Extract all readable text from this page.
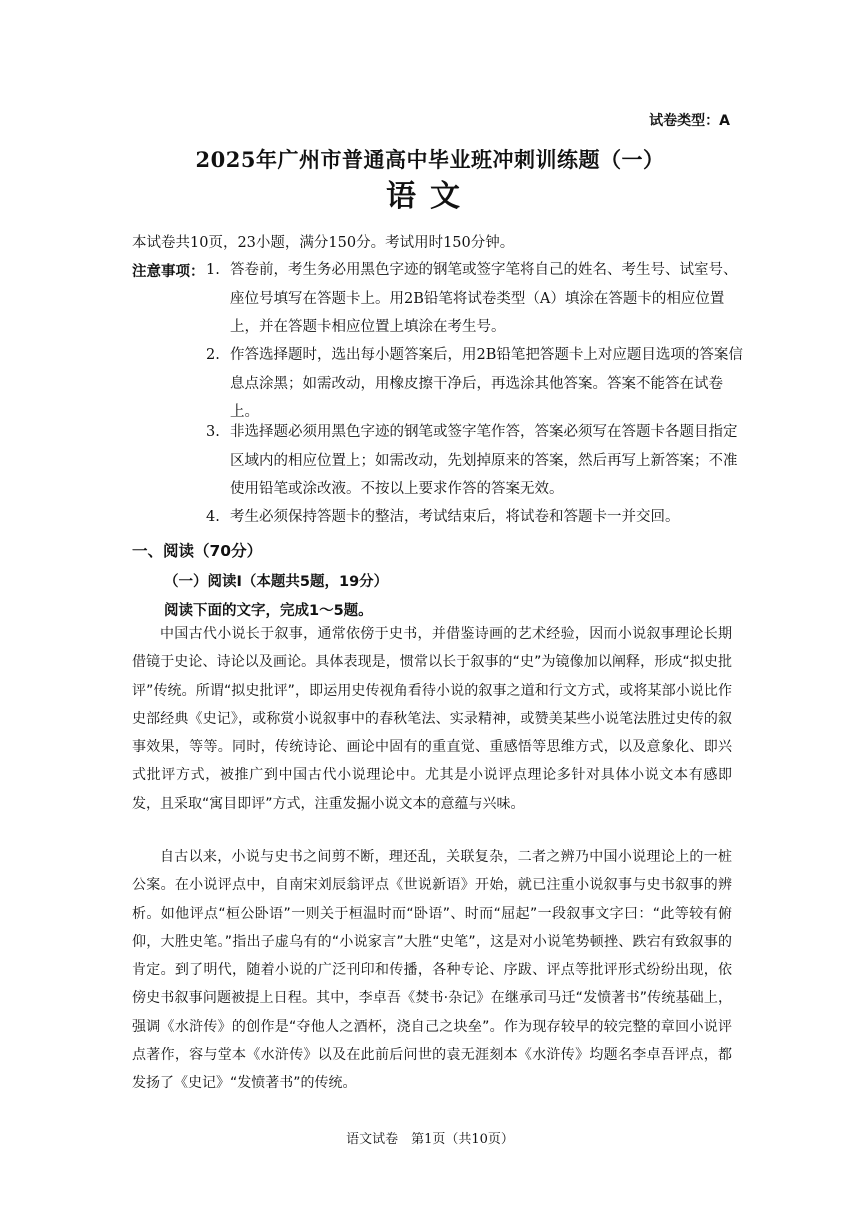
试卷类型：A
2025年广州市普通高中毕业班冲刺训练题（一）
语文
本试卷共10页，23小题，满分150分。考试用时150分钟。
注意事项： 1. 答卷前，考生务必用黑色字迹的钢笔或签字笔将自己的姓名、考生号、试室号、座位号填写在答题卡上。用2B铅笔将试卷类型（A）填涂在答题卡的相应位置上，并在答题卡相应位置上填涂在考生号。
2. 作答选择题时，选出每小题答案后，用2B铅笔把答题卡上对应题目选项的答案信息点涂黑；如需改动，用橡皮擦干净后，再选涂其他答案。答案不能答在试卷上。
3. 非选择题必须用黑色字迹的钢笔或签字笔作答，答案必须写在答题卡各题目指定区域内的相应位置上；如需改动，先划掉原来的答案，然后再写上新答案；不准使用铅笔或涂改液。不按以上要求作答的答案无效。
4. 考生必须保持答题卡的整洁，考试结束后，将试卷和答题卡一并交回。
一、阅读（70分）
（一）阅读Ⅰ（本题共5题，19分）
阅读下面的文字，完成1～5题。
中国古代小说长于叙事，通常依傍于史书，并借鉴诗画的艺术经验，因而小说叙事理论长期借镜于史论、诗论以及画论。具体表现是，惯常以长于叙事的“史”为镜像加以阐释，形成“拟史批评”传统。所谓“拟史批评”，即运用史传视角看待小说的叙事之道和行文方式，或将某部小说比作史部经典《史记》，或称赏小说叙事中的春秋笔法、实录精神，或赞美某些小说笔法胜过史传的叙事效果，等等。同时，传统诗论、画论中固有的重直觉、重感悟等思维方式，以及意象化、即兴式批评方式，被推广到中国古代小说理论中。尤其是小说评点理论多针对具体小说文本有感即发，且采取“寓目即评”方式，注重发掘小说文本的意蕴与兴味。
自古以来，小说与史书之间剪不断，理还乱，关联复杂，二者之辨乃中国小说理论上的一桩公案。在小说评点中，自南宋刘辰翁评点《世说新语》开始，就已注重小说叙事与史书叙事的辨析。如他评点“桓公卧语”一则关于桓温时而“卧语”、时而“屈起”一段叙事文字曰：“此等较有俯仰，大胜史笔。”指出子虚乌有的“小说家言”大胜“史笔”，这是对小说笔势顿挫、跌宕有致叙事的肯定。到了明代，随着小说的广泛刊印和传播，各种专论、序跋、评点等批评形式纷纷出现，依傍史书叙事问题被提上日程。其中，李卓吾《焚书·杂记》在继承司马迁“发愤著书”传统基础上，强调《水浒传》的创作是“夺他人之酒杯，浇自己之块垒”。作为现存较早的较完整的章回小说评点著作，容与堂本《水浒传》以及在此前后问世的袁无涯刻本《水浒传》均题名李卓吾评点，都发扬了《史记》“发愤著书”的传统。
语文试卷　第1页（共10页）
